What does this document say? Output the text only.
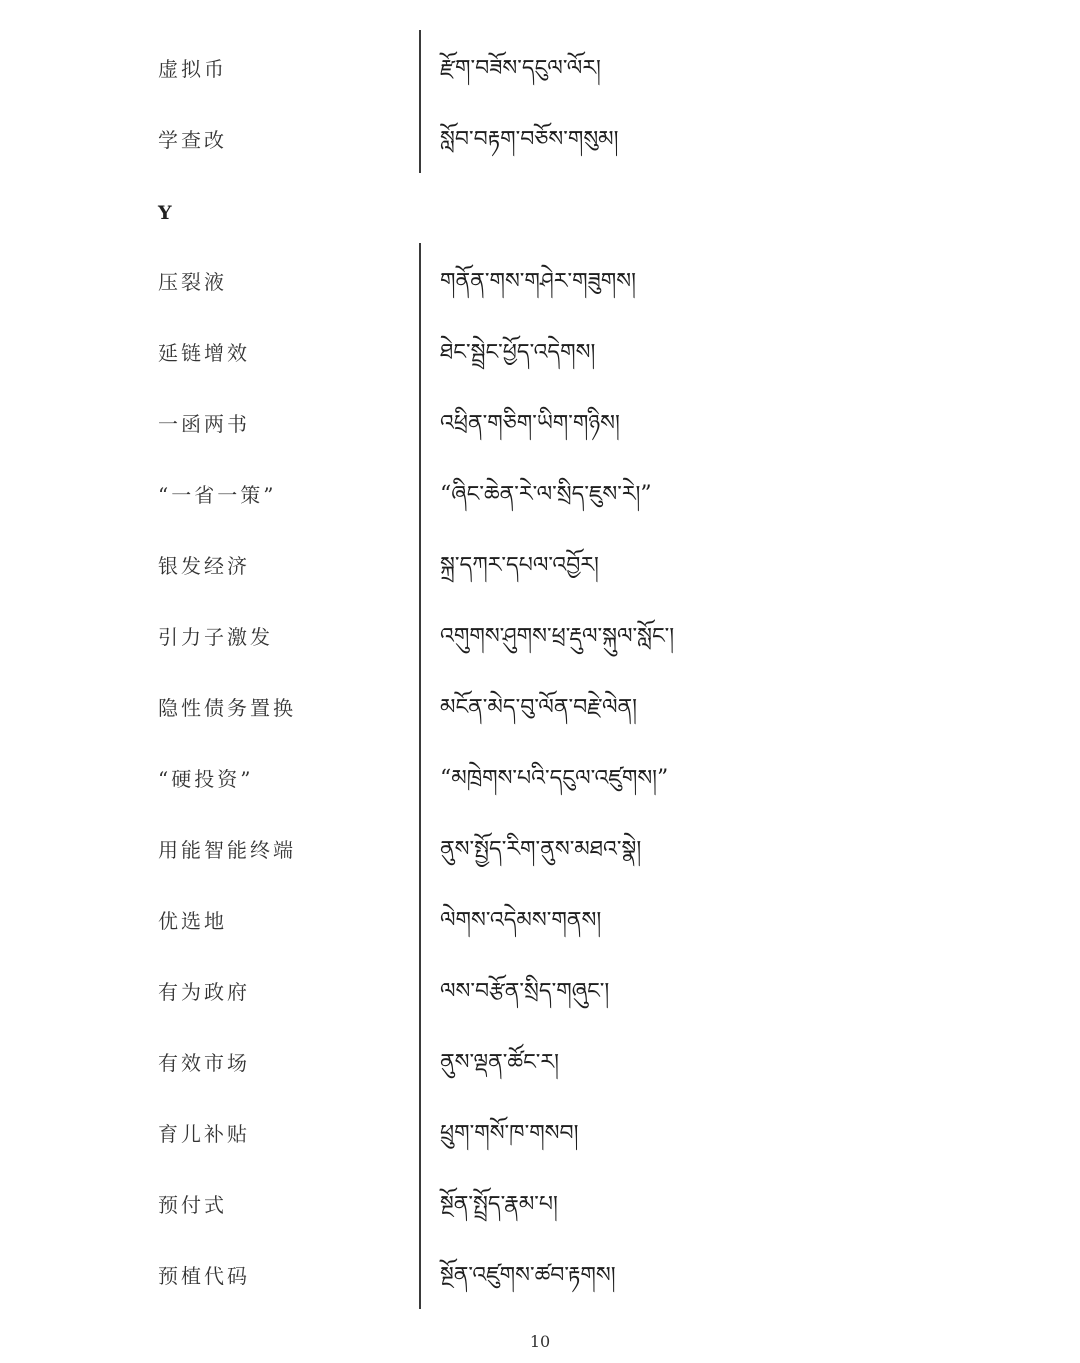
虚拟币	རྫོག་བཟོས་དངུལ་ལོར།
学查改	སློབ་བརྟག་བཅོས་གསུམ།
Y
压裂液	གནོན་གས་གཤེར་གཟུགས།
延链增效	ཐེང་སྦྲེང་ཕྱོད་འདེགས།
一函两书	འཕྲིན་གཅིག་ཡིག་གཉིས།
“一省一策”	“ཞིང་ཆེན་རེ་ལ་སྲིད་ཇུས་རེ།”
银发经济	སྐྲ་དཀར་དཔལ་འབྱོར།
引力子激发	འགུགས་ཤུགས་ཕྲ་རྡུལ་སྐུལ་སློང་།
隐性债务置换	མངོན་མེད་བུ་ལོན་བརྗེ་ལེན།
“硬投资”	“མཁྲེགས་པའི་དངུལ་འཛུགས།”
用能智能终端	ནུས་སྤྱོད་རིག་ནུས་མཐའ་སྣེ།
优选地	ལེགས་འདེམས་གནས།
有为政府	ལས་བརྩོན་སྲིད་གཞུང་།
有效市场	ནུས་ལྡན་ཚོང་ར།
育儿补贴	ཕྲུག་གསོ་ཁ་གསབ།
预付式	སྔོན་སྤྲོད་རྣམ་པ།
预植代码	སྔོན་འཛུགས་ཚབ་རྟགས།
10
